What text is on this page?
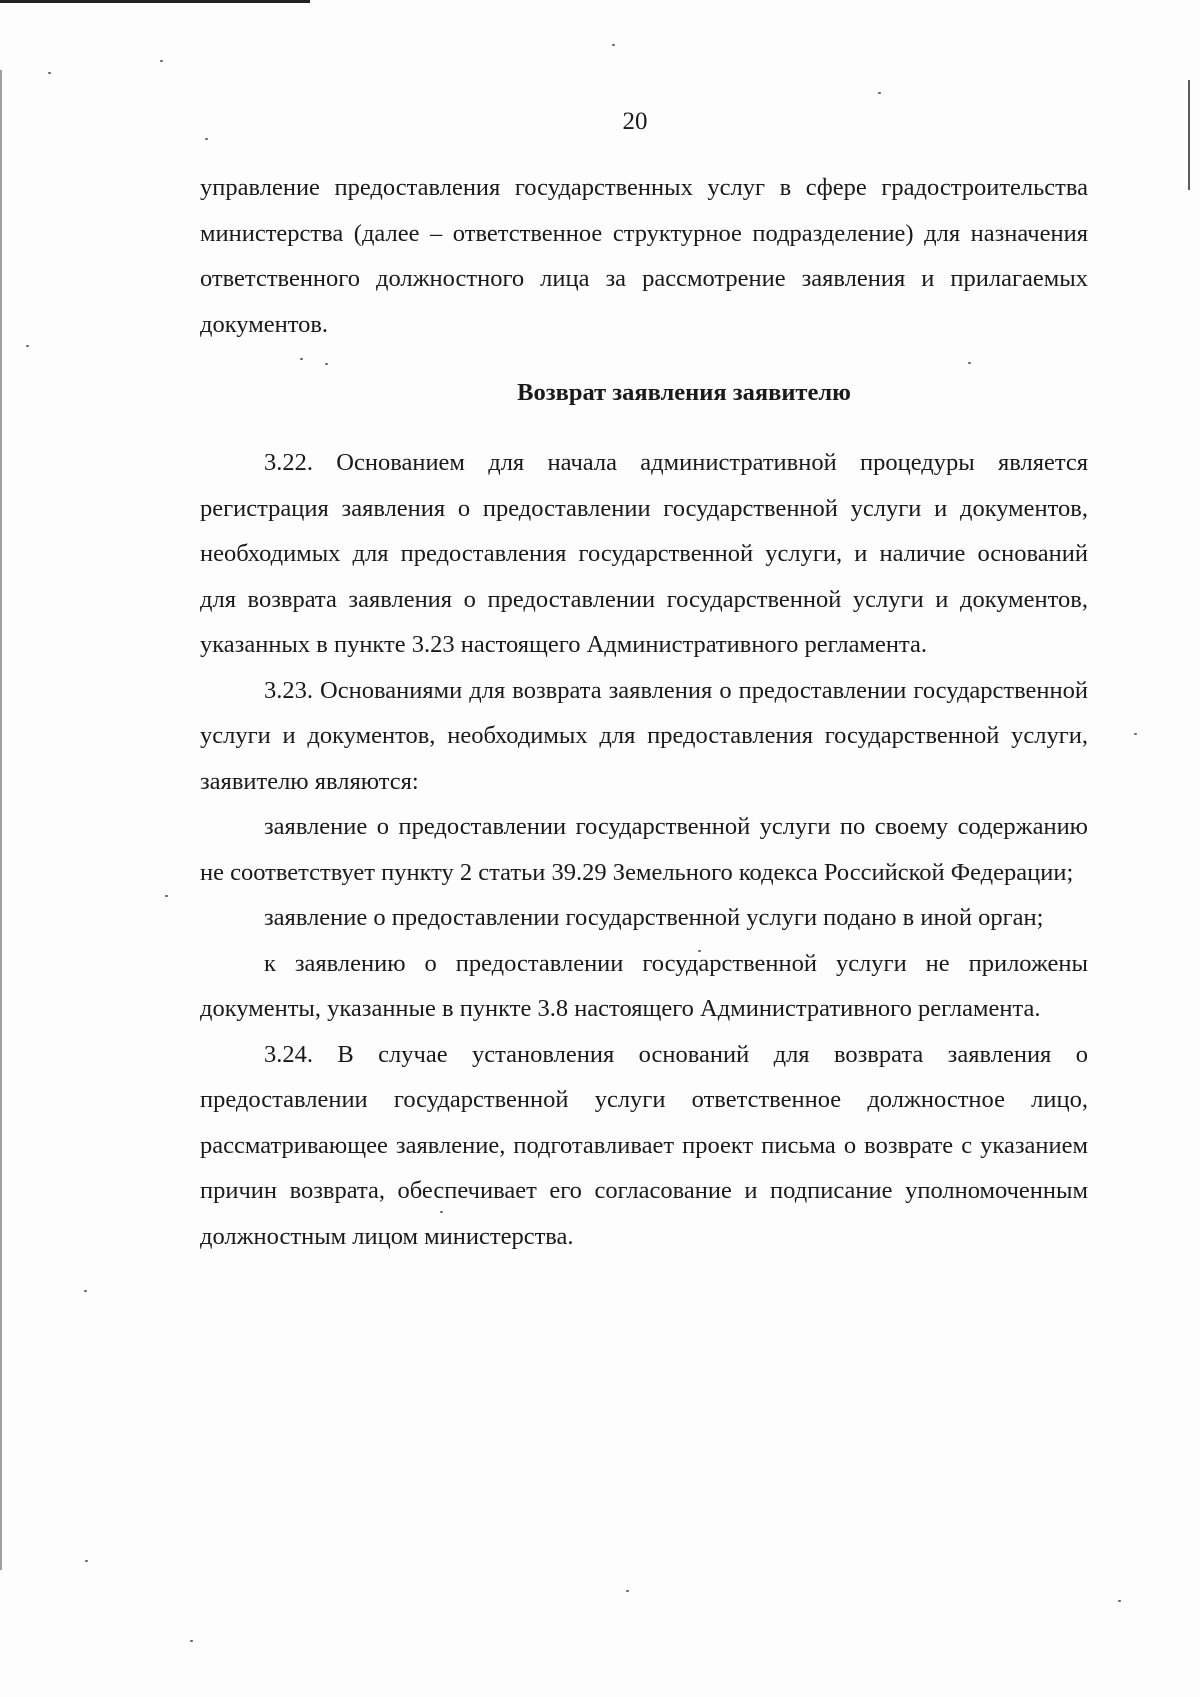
20

управление предоставления государственных услуг в сфере градостроительства министерства (далее – ответственное структурное подразделение) для назначения ответственного должностного лица за рассмотрение заявления и прилагаемых документов.

Возврат заявления заявителю

3.22. Основанием для начала административной процедуры является регистрация заявления о предоставлении государственной услуги и документов, необходимых для предоставления государственной услуги, и наличие оснований для возврата заявления о предоставлении государственной услуги и документов, указанных в пункте 3.23 настоящего Административного регламента.

3.23. Основаниями для возврата заявления о предоставлении государственной услуги и документов, необходимых для предоставления государственной услуги, заявителю являются:

заявление о предоставлении государственной услуги по своему содержанию не соответствует пункту 2 статьи 39.29 Земельного кодекса Российской Федерации;

заявление о предоставлении государственной услуги подано в иной орган;

к заявлению о предоставлении государственной услуги не приложены документы, указанные в пункте 3.8 настоящего Административного регламента.

3.24. В случае установления оснований для возврата заявления о предоставлении государственной услуги ответственное должностное лицо, рассматривающее заявление, подготавливает проект письма о возврате с указанием причин возврата, обеспечивает его согласование и подписание уполномоченным должностным лицом министерства.
